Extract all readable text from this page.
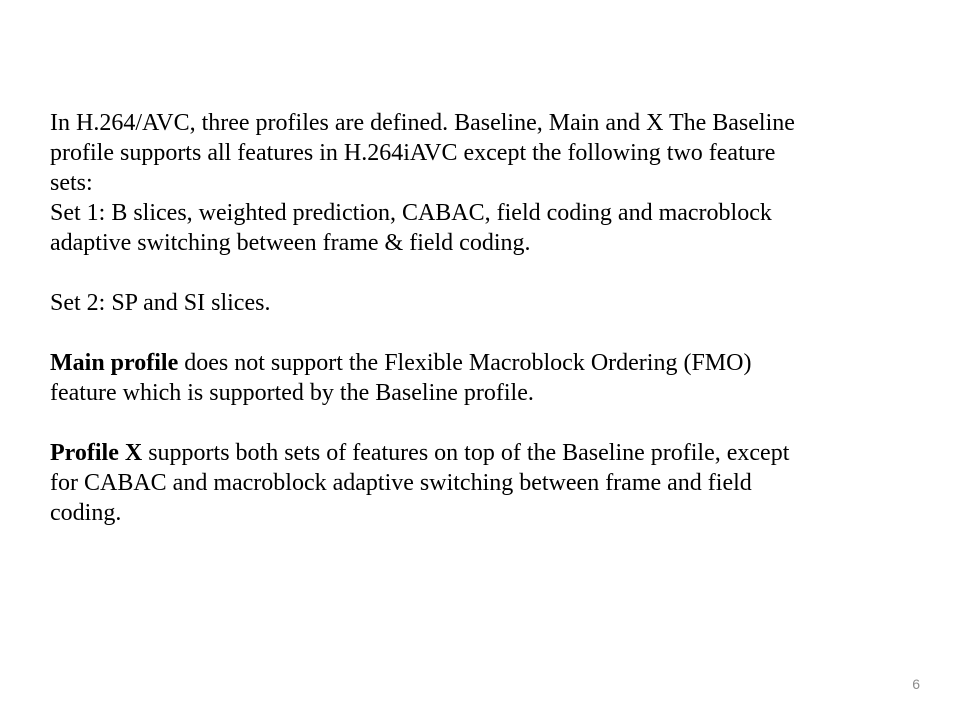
In H.264/AVC, three profiles are defined. Baseline, Main and X The Baseline

profile supports all features in H.264iAVC except the following two feature

sets:

Set 1: B slices, weighted prediction, CABAC, field coding and macroblock

adaptive switching between frame & field coding.

Set 2: SP and SI slices.

Main profile does not support the Flexible Macroblock Ordering (FMO)

feature which is supported by the Baseline profile.

Profile X supports both sets of features on top of the Baseline profile, except

for CABAC and macroblock adaptive switching between frame and field

coding.

6
